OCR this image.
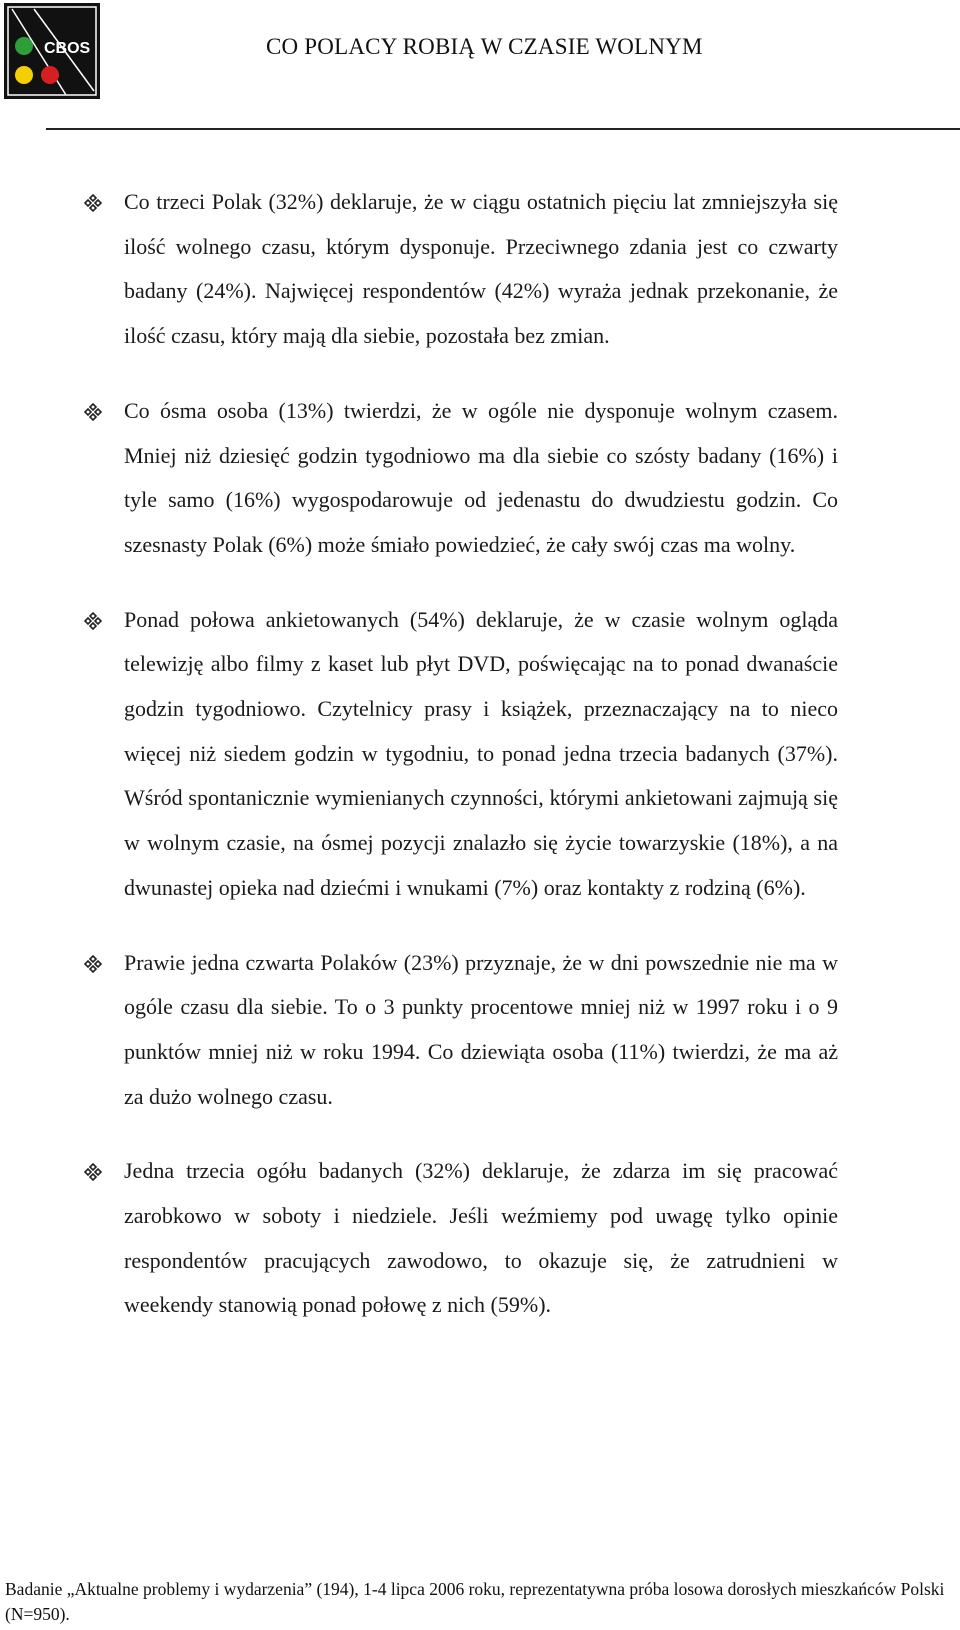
CBOS	CO POLACY ROBIĄ W CZASIE WOLNYM
Co trzeci Polak (32%) deklaruje, że w ciągu ostatnich pięciu lat zmniejszyła się ilość wolnego czasu, którym dysponuje. Przeciwnego zdania jest co czwarty badany (24%). Najwięcej respondentów (42%) wyraża jednak przekonanie, że ilość czasu, który mają dla siebie, pozostała bez zmian.
Co ósma osoba (13%) twierdzi, że w ogóle nie dysponuje wolnym czasem. Mniej niż dziesięć godzin tygodniowo ma dla siebie co szósty badany (16%) i tyle samo (16%) wygospodarowuje od jedenastu do dwudziestu godzin. Co szesnasty Polak (6%) może śmiało powiedzieć, że cały swój czas ma wolny.
Ponad połowa ankietowanych (54%) deklaruje, że w czasie wolnym ogląda telewizję albo filmy z kaset lub płyt DVD, poświęcając na to ponad dwanaście godzin tygodniowo. Czytelnicy prasy i książek, przeznaczający na to nieco więcej niż siedem godzin w tygodniu, to ponad jedna trzecia badanych (37%). Wśród spontanicznie wymienianych czynności, którymi ankietowani zajmują się w wolnym czasie, na ósmej pozycji znalazło się życie towarzyskie (18%), a na dwunastej opieka nad dziećmi i wnukami (7%) oraz kontakty z rodziną (6%).
Prawie jedna czwarta Polaków (23%) przyznaje, że w dni powszednie nie ma w ogóle czasu dla siebie. To o 3 punkty procentowe mniej niż w 1997 roku i o 9 punktów mniej niż w roku 1994. Co dziewiąta osoba (11%) twierdzi, że ma aż za dużo wolnego czasu.
Jedna trzecia ogółu badanych (32%) deklaruje, że zdarza im się pracować zarobkowo w soboty i niedziele. Jeśli weźmiemy pod uwagę tylko opinie respondentów pracujących zawodowo, to okazuje się, że zatrudnieni w weekendy stanowią ponad połowę z nich (59%).
Badanie „Aktualne problemy i wydarzenia” (194), 1-4 lipca 2006 roku, reprezentatywna próba losowa dorosłych mieszkańców Polski (N=950).
